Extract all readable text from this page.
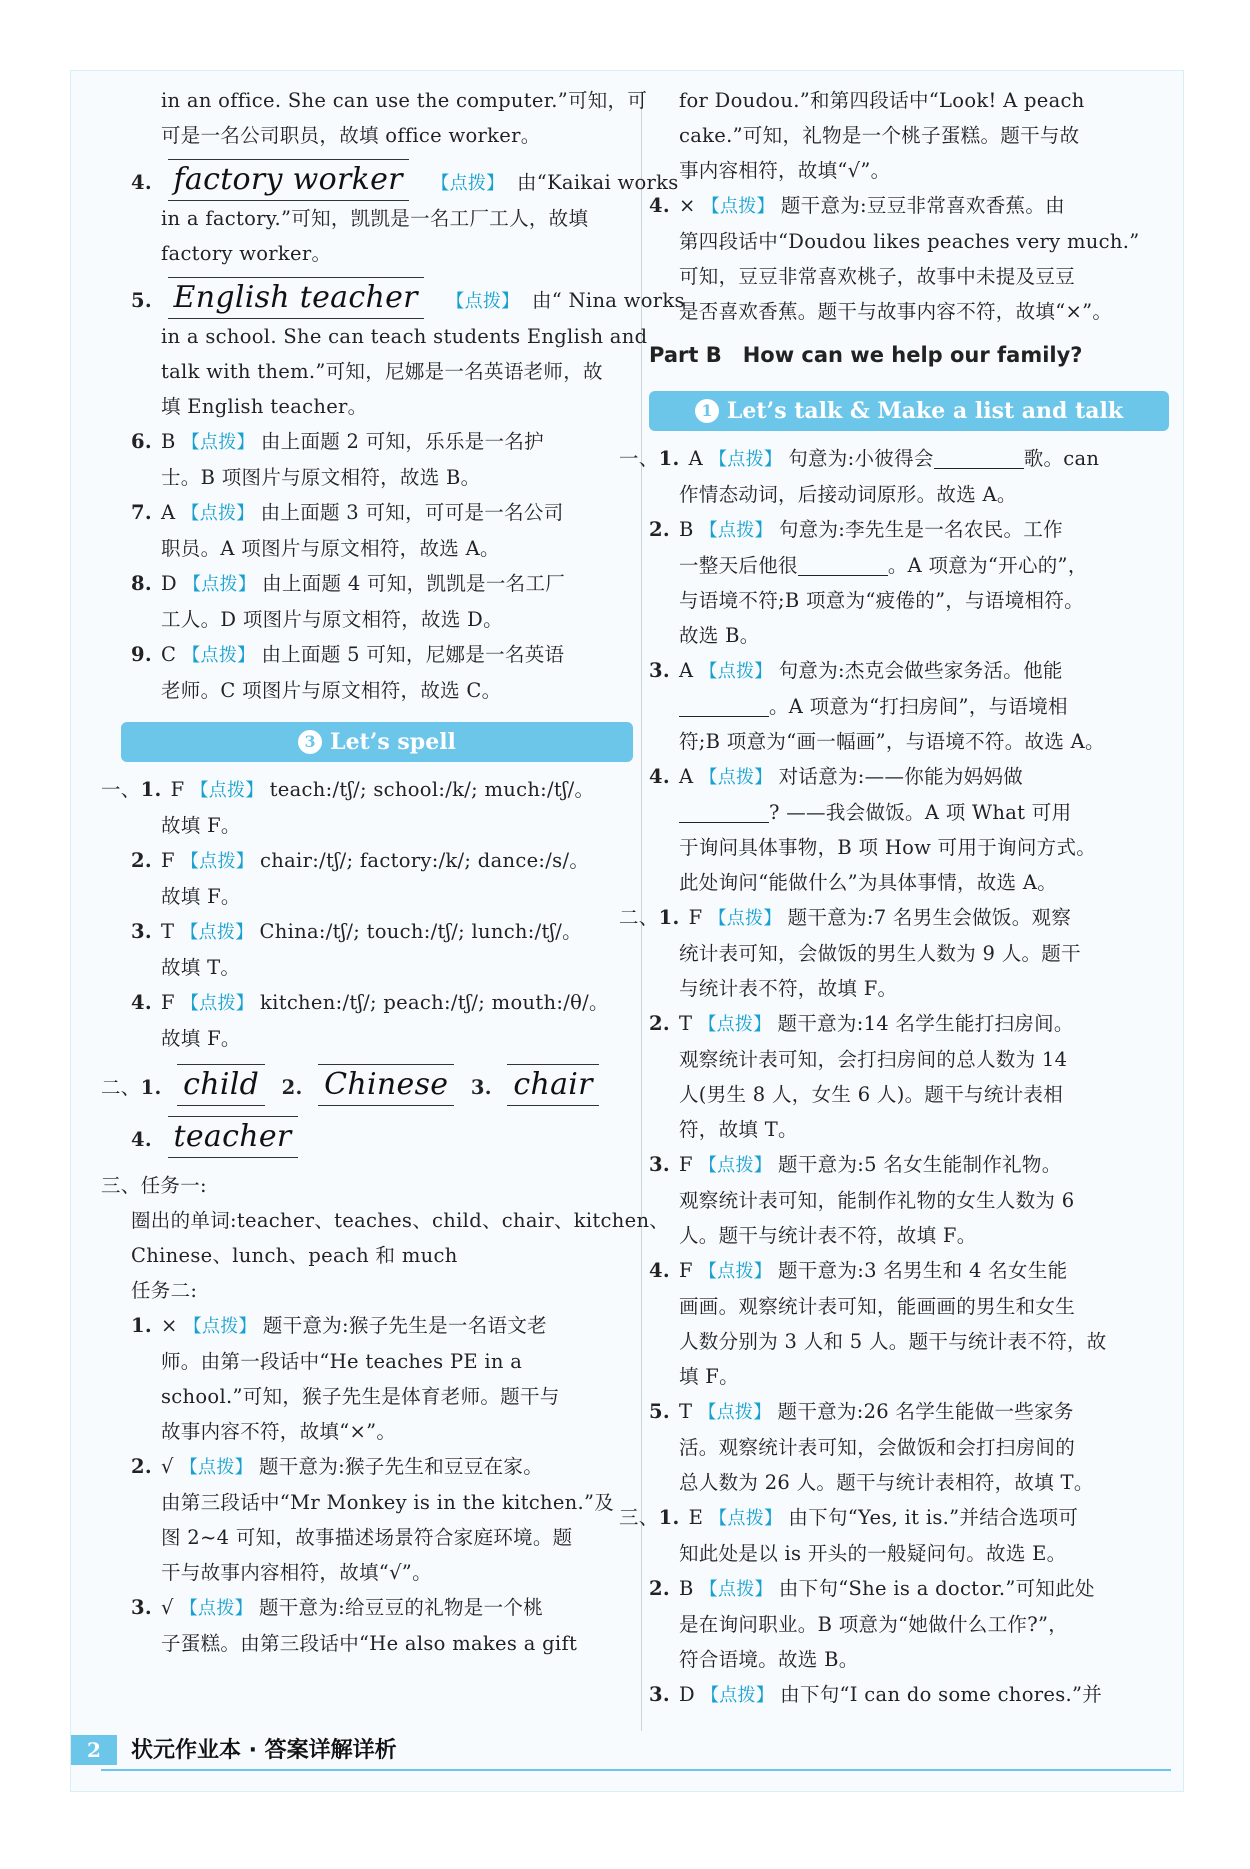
in an office. She can use the computer.”可知，可
可是一名公司职员，故填 office worker。
4. factory worker 【点拨】 由“Kaikai works
in a factory.”可知，凯凯是一名工厂工人，故填
factory worker。
5. English teacher 【点拨】 由“ Nina works
in a school. She can teach students English and
talk with them.”可知，尼娜是一名英语老师，故
填 English teacher。
6. B 【点拨】 由上面题 2 可知，乐乐是一名护
士。B 项图片与原文相符，故选 B。
7. A 【点拨】 由上面题 3 可知，可可是一名公司
职员。A 项图片与原文相符，故选 A。
8. D 【点拨】 由上面题 4 可知，凯凯是一名工厂
工人。D 项图片与原文相符，故选 D。
9. C 【点拨】 由上面题 5 可知，尼娜是一名英语
老师。C 项图片与原文相符，故选 C。
3 Let’s spell
一、1. F 【点拨】 teach:/tʃ/; school:/k/; much:/tʃ/。
故填 F。
2. F 【点拨】 chair:/tʃ/; factory:/k/; dance:/s/。
故填 F。
3. T 【点拨】 China:/tʃ/; touch:/tʃ/; lunch:/tʃ/。
故填 T。
4. F 【点拨】 kitchen:/tʃ/; peach:/tʃ/; mouth:/θ/。
故填 F。
二、1. child 2. Chinese 3. chair
4. teacher
三、任务一:
圈出的单词:teacher、teaches、child、chair、kitchen、
Chinese、lunch、peach 和 much
任务二:
1. × 【点拨】 题干意为:猴子先生是一名语文老
师。由第一段话中“He teaches PE in a
school.”可知，猴子先生是体育老师。题干与
故事内容不符，故填“×”。
2. √ 【点拨】 题干意为:猴子先生和豆豆在家。
由第三段话中“Mr Monkey is in the kitchen.”及
图 2~4 可知，故事描述场景符合家庭环境。题
干与故事内容相符，故填“√”。
3. √ 【点拨】 题干意为:给豆豆的礼物是一个桃
子蛋糕。由第三段话中“He also makes a gift
for Doudou.”和第四段话中“Look! A peach
cake.”可知，礼物是一个桃子蛋糕。题干与故
事内容相符，故填“√”。
4. × 【点拨】 题干意为:豆豆非常喜欢香蕉。由
第四段话中“Doudou likes peaches very much.”
可知，豆豆非常喜欢桃子，故事中未提及豆豆
是否喜欢香蕉。题干与故事内容不符，故填“×”。
Part B　How can we help our family?
1 Let’s talk & Make a list and talk
一、1. A 【点拨】 句意为:小彼得会	歌。can
作情态动词，后接动词原形。故选 A。
2. B 【点拨】 句意为:李先生是一名农民。工作
一整天后他很	。A 项意为“开心的”，
与语境不符;B 项意为“疲倦的”，与语境相符。
故选 B。
3. A 【点拨】 句意为:杰克会做些家务活。他能
。A 项意为“打扫房间”，与语境相
符;B 项意为“画一幅画”，与语境不符。故选 A。
4. A 【点拨】 对话意为:——你能为妈妈做
? ——我会做饭。A 项 What 可用
于询问具体事物，B 项 How 可用于询问方式。
此处询问“能做什么”为具体事情，故选 A。
二、1. F 【点拨】 题干意为:7 名男生会做饭。观察
统计表可知，会做饭的男生人数为 9 人。题干
与统计表不符，故填 F。
2. T 【点拨】 题干意为:14 名学生能打扫房间。
观察统计表可知，会打扫房间的总人数为 14
人(男生 8 人，女生 6 人)。题干与统计表相
符，故填 T。
3. F 【点拨】 题干意为:5 名女生能制作礼物。
观察统计表可知，能制作礼物的女生人数为 6
人。题干与统计表不符，故填 F。
4. F 【点拨】 题干意为:3 名男生和 4 名女生能
画画。观察统计表可知，能画画的男生和女生
人数分别为 3 人和 5 人。题干与统计表不符，故
填 F。
5. T 【点拨】 题干意为:26 名学生能做一些家务
活。观察统计表可知，会做饭和会打扫房间的
总人数为 26 人。题干与统计表相符，故填 T。
三、1. E 【点拨】 由下句“Yes, it is.”并结合选项可
知此处是以 is 开头的一般疑问句。故选 E。
2. B 【点拨】 由下句“She is a doctor.”可知此处
是在询问职业。B 项意为“她做什么工作?”，
符合语境。故选 B。
3. D 【点拨】 由下句“I can do some chores.”并
2	状元作业本 · 答案详解详析
